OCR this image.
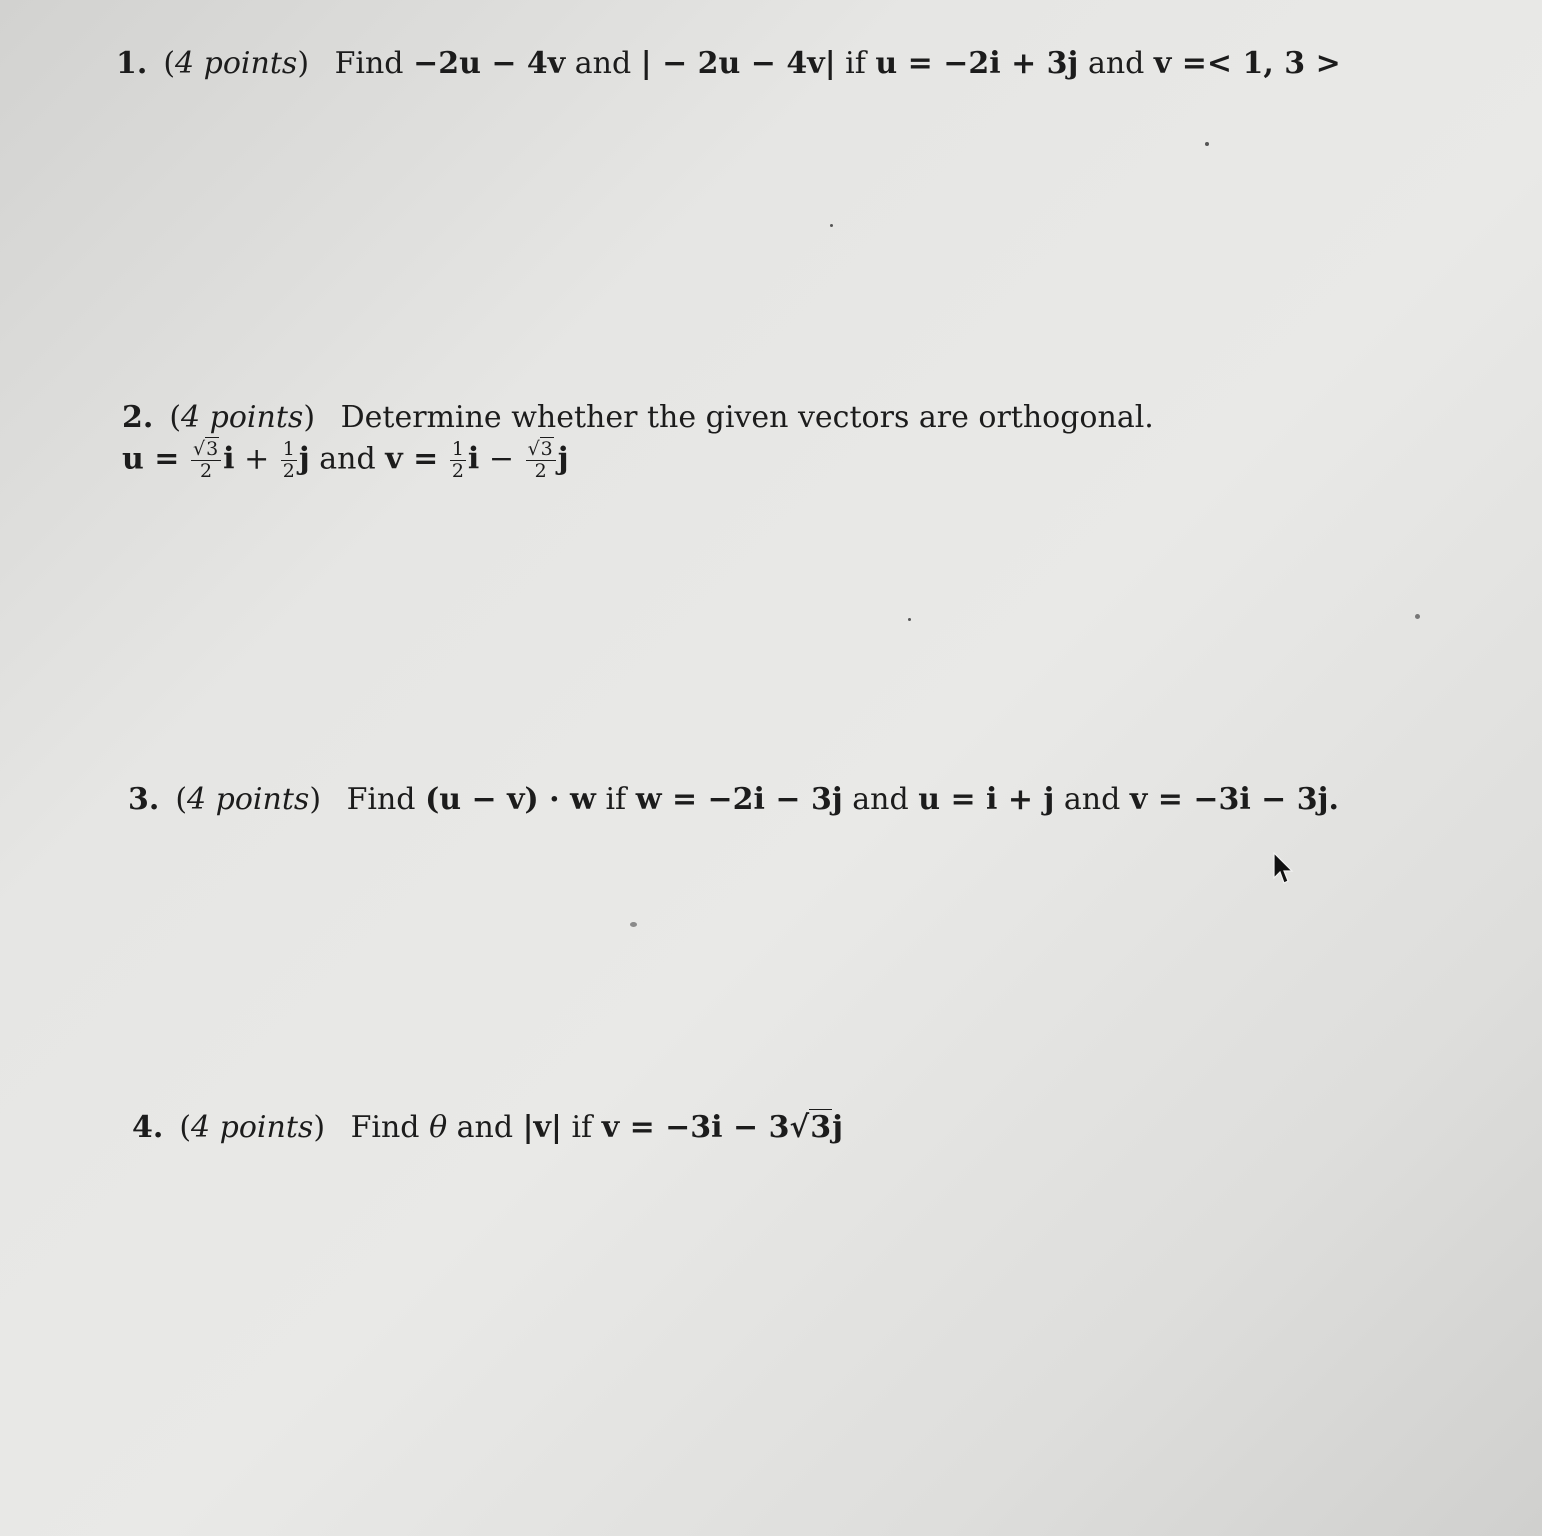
1. (4 points) Find −2u − 4v and | − 2u − 4v| if u = −2i + 3j and v =< 1, 3 >
2. (4 points) Determine whether the given vectors are orthogonal.
$u = \frac{√3}{2}$ $i + \frac{1}{2}$ j and $v = \frac{1}{2}$ $i - \frac{√3}{2}$ j
3. (4 points) Find (u − v) · w if w = −2i − 3j and u = i + j and v = −3i − 3j.
4. (4 points) Find θ and |v| if v = −3i − 3√3j
